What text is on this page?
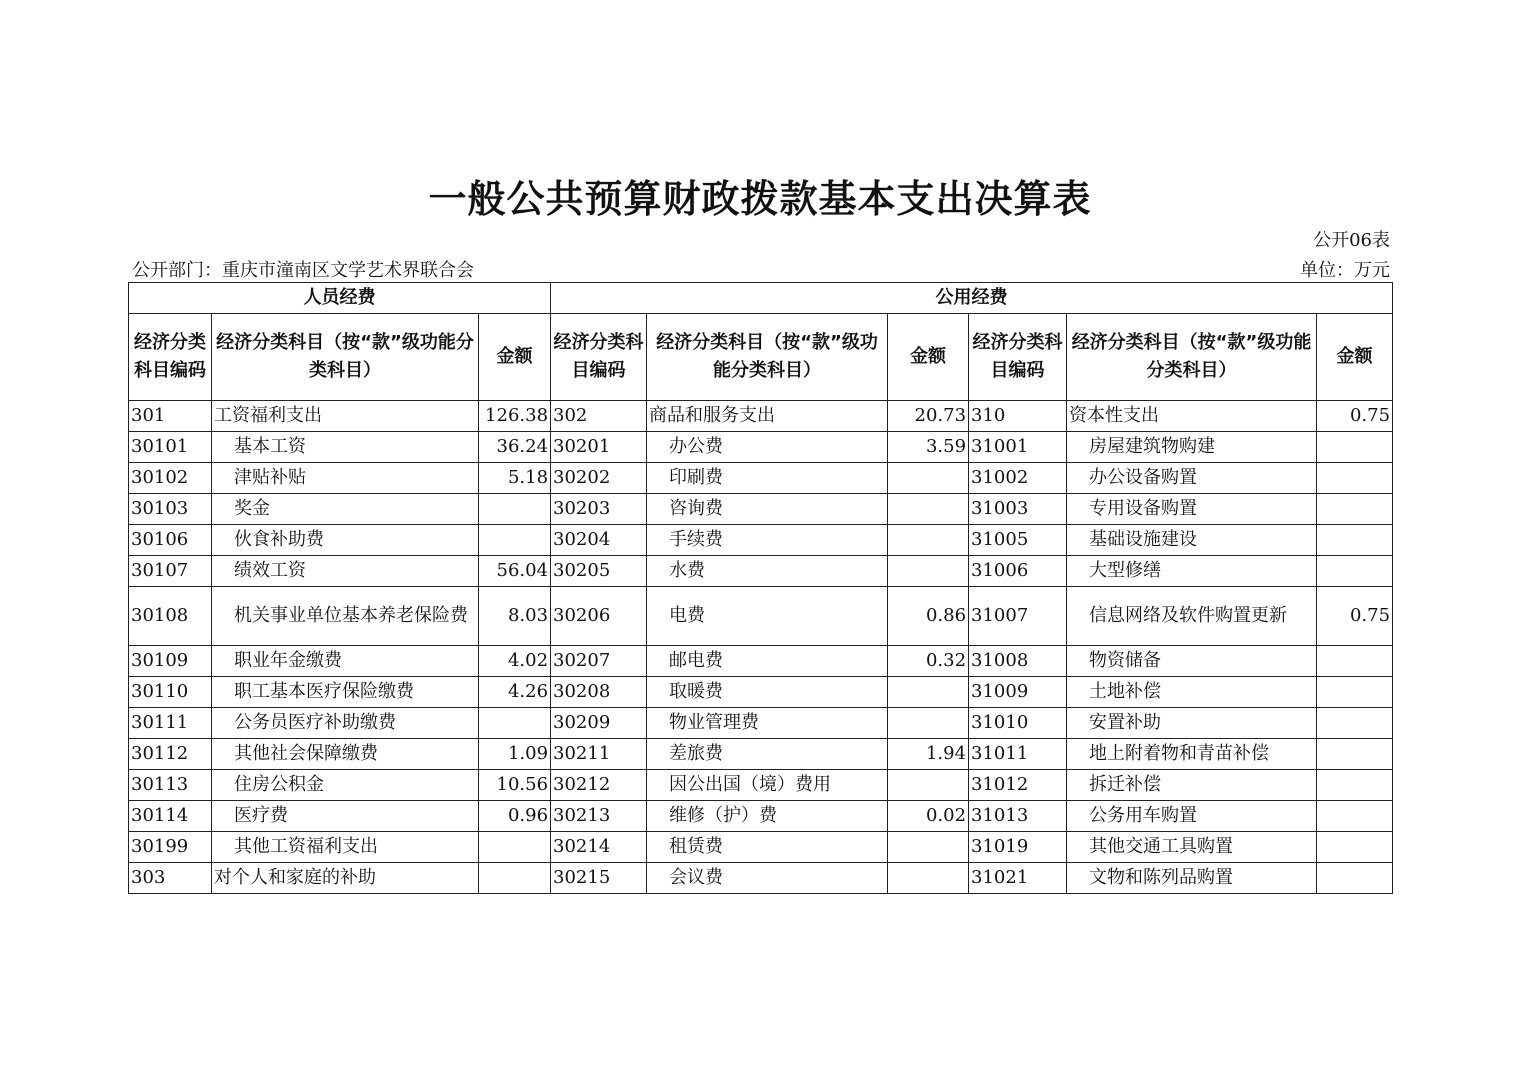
一般公共预算财政拨款基本支出决算表
公开06表
公开部门：重庆市潼南区文学艺术界联合会	单位：万元
人员经费			公用经费					
经济分类科目编码	经济分类科目（按“款”级功能分类科目）	金额	经济分类科目编码	经济分类科目（按“款”级功能分类科目）	金额	经济分类科目编码	经济分类科目（按“款”级功能分类科目）	金额
301	工资福利支出	126.38	302	商品和服务支出	20.73	310	资本性支出	0.75
30101	基本工资	36.24	30201	办公费	3.59	31001	房屋建筑物购建	
30102	津贴补贴	5.18	30202	印刷费		31002	办公设备购置	
30103	奖金		30203	咨询费		31003	专用设备购置	
30106	伙食补助费		30204	手续费		31005	基础设施建设	
30107	绩效工资	56.04	30205	水费		31006	大型修缮	
30108	机关事业单位基本养老保险费	8.03	30206	电费	0.86	31007	信息网络及软件购置更新	0.75
30109	职业年金缴费	4.02	30207	邮电费	0.32	31008	物资储备	
30110	职工基本医疗保险缴费	4.26	30208	取暖费		31009	土地补偿	
30111	公务员医疗补助缴费		30209	物业管理费		31010	安置补助	
30112	其他社会保障缴费	1.09	30211	差旅费	1.94	31011	地上附着物和青苗补偿	
30113	住房公积金	10.56	30212	因公出国（境）费用		31012	拆迁补偿	
30114	医疗费	0.96	30213	维修（护）费	0.02	31013	公务用车购置	
30199	其他工资福利支出		30214	租赁费		31019	其他交通工具购置	
303	对个人和家庭的补助		30215	会议费		31021	文物和陈列品购置	
